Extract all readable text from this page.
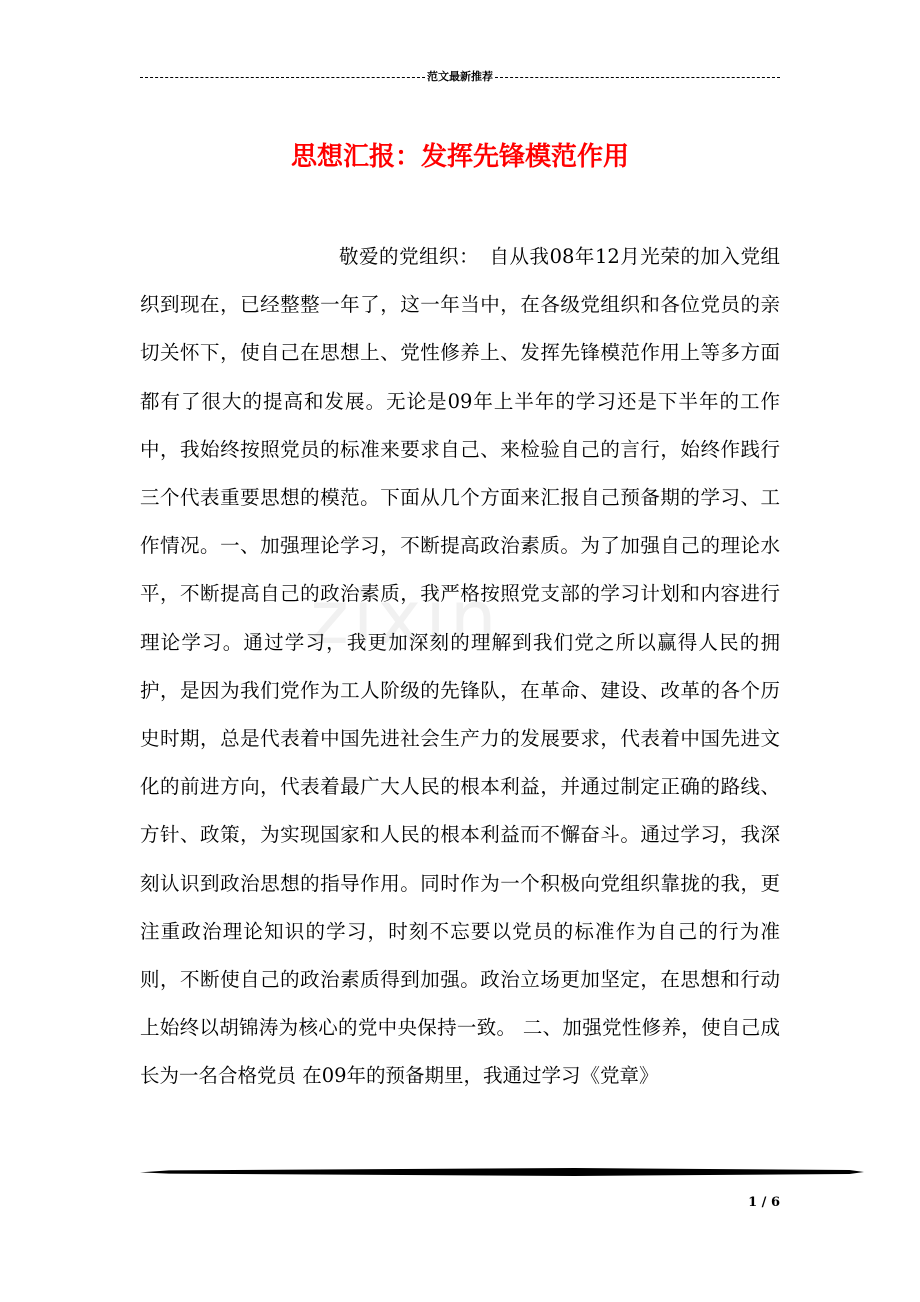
范文最新推荐
思想汇报：发挥先锋模范作用
zixin

敬爱的党组织：　自从我08年12月光荣的加入党组织到现在，已经整整一年了，这一年当中，在各级党组织和各位党员的亲切关怀下，使自己在思想上、党性修养上、发挥先锋模范作用上等多方面都有了很大的提高和发展。无论是09年上半年的学习还是下半年的工作中，我始终按照党员的标准来要求自己、来检验自己的言行，始终作践行三个代表重要思想的模范。下面从几个方面来汇报自己预备期的学习、工作情况。一、加强理论学习，不断提高政治素质。为了加强自己的理论水平，不断提高自己的政治素质，我严格按照党支部的学习计划和内容进行理论学习。通过学习，我更加深刻的理解到我们党之所以赢得人民的拥护，是因为我们党作为工人阶级的先锋队，在革命、建设、改革的各个历史时期，总是代表着中国先进社会生产力的发展要求，代表着中国先进文化的前进方向，代表着最广大人民的根本利益，并通过制定正确的路线、方针、政策，为实现国家和人民的根本利益而不懈奋斗。通过学习，我深刻认识到政治思想的指导作用。同时作为一个积极向党组织靠拢的我，更注重政治理论知识的学习，时刻不忘要以党员的标准作为自己的行为准则，不断使自己的政治素质得到加强。政治立场更加坚定，在思想和行动上始终以胡锦涛为核心的党中央保持一致。 二、加强党性修养，使自己成长为一名合格党员 在09年的预备期里，我通过学习《党章》

1 / 6
